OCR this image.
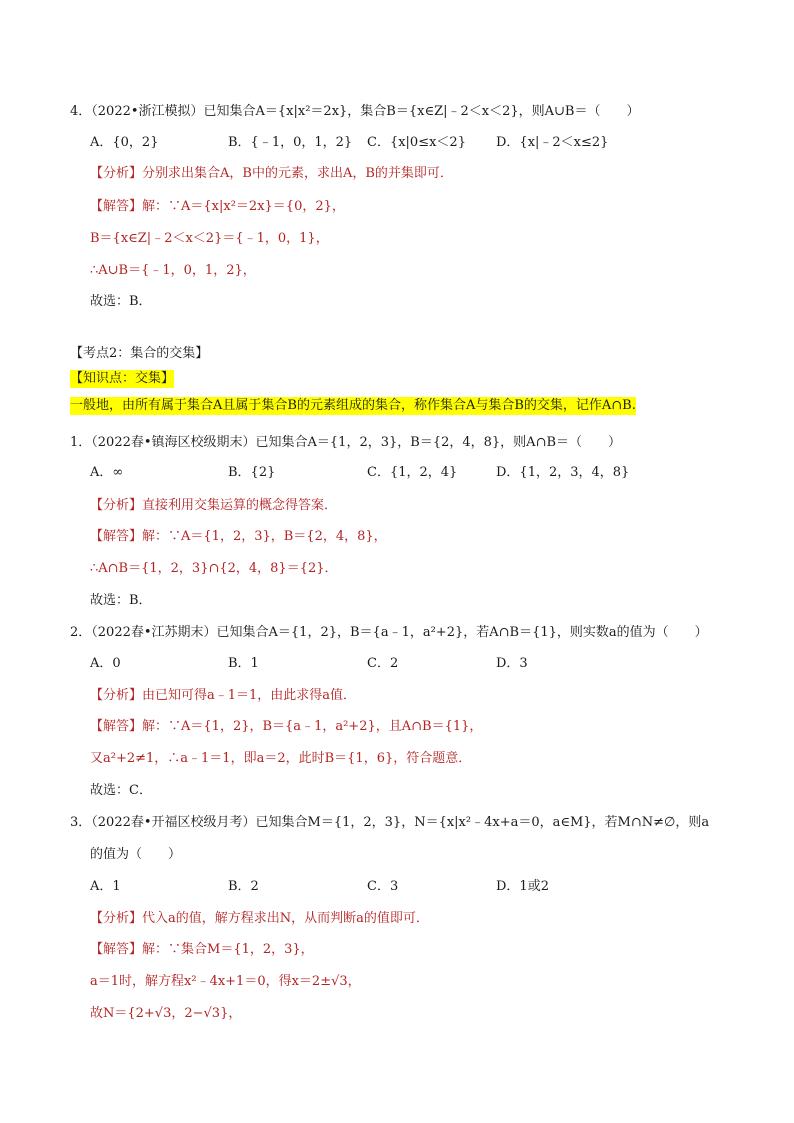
4．（2022•浙江模拟）已知集合A＝{x|x²＝2x}，集合B＝{x∈Z|﹣2＜x＜2}，则A∪B＝（　　）
A．{0，2}	B．{﹣1，0，1，2} C．{x|0≤x＜2} D．{x|﹣2＜x≤2}
【分析】分别求出集合A，B中的元素，求出A，B的并集即可．
【解答】解：∵A＝{x|x²＝2x}＝{0，2}，
B＝{x∈Z|﹣2＜x＜2}＝{﹣1，0，1}，
∴A∪B＝{﹣1，0，1，2}，
故选：B．
【考点2：集合的交集】
【知识点：交集】
一般地，由所有属于集合A且属于集合B的元素组成的集合，称作集合A与集合B的交集，记作A∩B.
1．（2022春•镇海区校级期末）已知集合A＝{1，2，3}，B＝{2，4，8}，则A∩B＝（　　）
A．∞	B．{2}	C．{1，2，4}	D．{1，2，3，4，8}
【分析】直接利用交集运算的概念得答案．
【解答】解：∵A＝{1，2，3}，B＝{2，4，8}，
∴A∩B＝{1，2，3}∩{2，4，8}＝{2}．
故选：B．
2．（2022春•江苏期末）已知集合A＝{1，2}，B＝{a﹣1，a²+2}，若A∩B＝{1}，则实数a的值为（　　）
A．0	B．1	C．2	D．3
【分析】由已知可得a﹣1＝1，由此求得a值．
【解答】解：∵A＝{1，2}，B＝{a﹣1，a²+2}，且A∩B＝{1}，
又a²+2≠1，∴a﹣1＝1，即a＝2，此时B＝{1，6}，符合题意．
故选：C．
3．（2022春•开福区校级月考）已知集合M＝{1，2，3}，N＝{x|x²﹣4x+a＝0，a∈M}，若M∩N≠∅，则a
的值为（　　）
A．1	B．2	C．3	D．1或2
【分析】代入a的值，解方程求出N，从而判断a的值即可．
【解答】解：∵集合M＝{1，2，3}，
a＝1时，解方程x²﹣4x+1＝0，得x＝2±√3，
故N＝{2+√3，2−√3}，
